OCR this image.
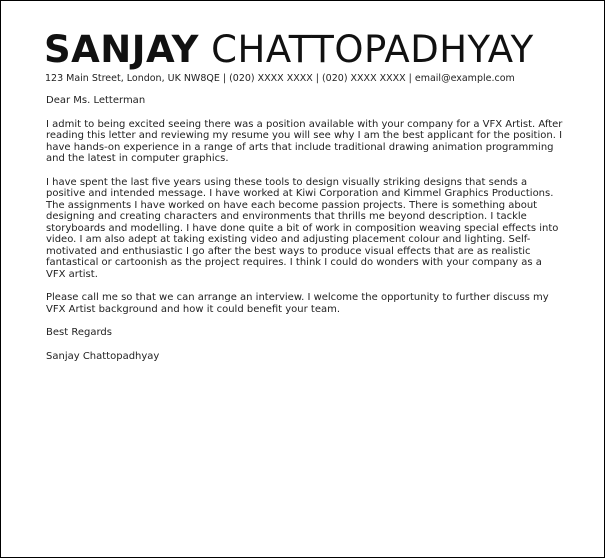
SANJAY CHATTOPADHYAY
123 Main Street, London, UK NW8QE | (020) XXXX XXXX | (020) XXXX XXXX | email@example.com

Dear Ms. Letterman

I admit to being excited seeing there was a position available with your company for a VFX Artist. After reading this letter and reviewing my resume you will see why I am the best applicant for the position. I have hands-on experience in a range of arts that include traditional drawing animation programming and the latest in computer graphics.

I have spent the last five years using these tools to design visually striking designs that sends a positive and intended message. I have worked at Kiwi Corporation and Kimmel Graphics Productions. The assignments I have worked on have each become passion projects. There is something about designing and creating characters and environments that thrills me beyond description. I tackle storyboards and modelling. I have done quite a bit of work in composition weaving special effects into video. I am also adept at taking existing video and adjusting placement colour and lighting. Self-motivated and enthusiastic I go after the best ways to produce visual effects that are as realistic fantastical or cartoonish as the project requires. I think I could do wonders with your company as a VFX artist.

Please call me so that we can arrange an interview. I welcome the opportunity to further discuss my VFX Artist background and how it could benefit your team.

Best Regards

Sanjay Chattopadhyay
